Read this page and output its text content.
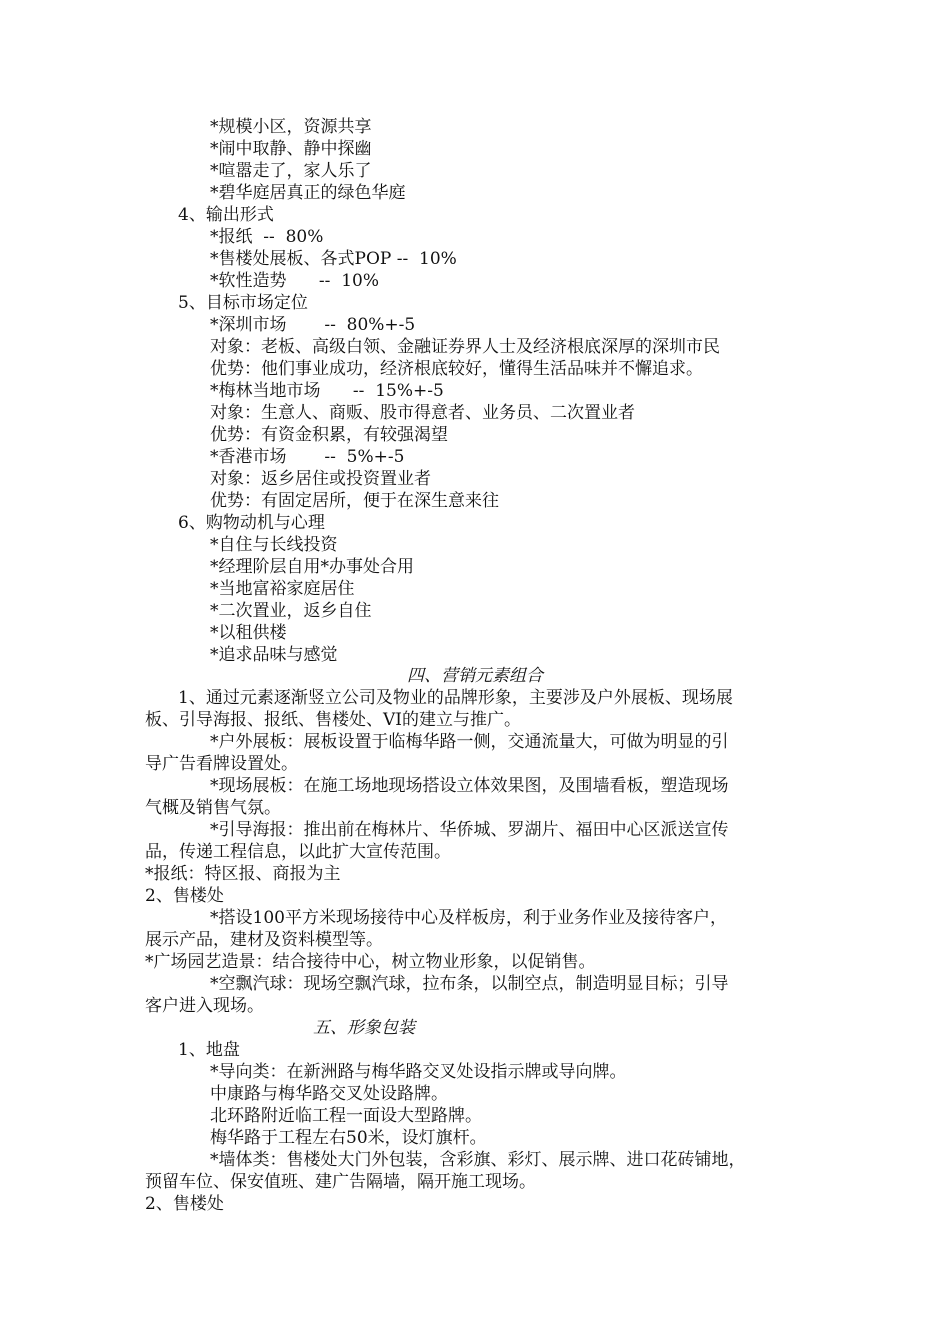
*规模小区，资源共享
*闹中取静、静中探幽
*喧嚣走了，家人乐了
*碧华庭居真正的绿色华庭
4、输出形式
*报纸  --  80%
*售楼处展板、各式POP --  10%
*软性造势      --  10%
5、目标市场定位
*深圳市场       --  80%+-5
对象：老板、高级白领、金融证券界人士及经济根底深厚的深圳市民
优势：他们事业成功，经济根底较好，懂得生活品味并不懈追求。
*梅林当地市场      --  15%+-5
对象：生意人、商贩、股市得意者、业务员、二次置业者
优势：有资金积累，有较强渴望
*香港市场       --  5%+-5
对象：返乡居住或投资置业者
优势：有固定居所，便于在深生意来往
6、购物动机与心理
*自住与长线投资
*经理阶层自用*办事处合用
*当地富裕家庭居住
*二次置业，返乡自住
*以租供楼
*追求品味与感觉
四、营销元素组合
1、通过元素逐渐竖立公司及物业的品牌形象，主要涉及户外展板、现场展
板、引导海报、报纸、售楼处、VI的建立与推广。
*户外展板：展板设置于临梅华路一侧，交通流量大，可做为明显的引
导广告看牌设置处。
*现场展板：在施工场地现场搭设立体效果图，及围墙看板，塑造现场
气概及销售气氛。
*引导海报：推出前在梅林片、华侨城、罗湖片、福田中心区派送宣传
品，传递工程信息，以此扩大宣传范围。
*报纸：特区报、商报为主
2、售楼处
*搭设100平方米现场接待中心及样板房，利于业务作业及接待客户，
展示产品，建材及资料模型等。
*广场园艺造景：结合接待中心，树立物业形象，以促销售。
*空飘汽球：现场空飘汽球，拉布条，以制空点，制造明显目标；引导
客户进入现场。
五、形象包装
1、地盘
*导向类：在新洲路与梅华路交叉处设指示牌或导向牌。
中康路与梅华路交叉处设路牌。
北环路附近临工程一面设大型路牌。
梅华路于工程左右50米，设灯旗杆。
*墙体类：售楼处大门外包装，含彩旗、彩灯、展示牌、进口花砖铺地，
预留车位、保安值班、建广告隔墙，隔开施工现场。
2、售楼处
